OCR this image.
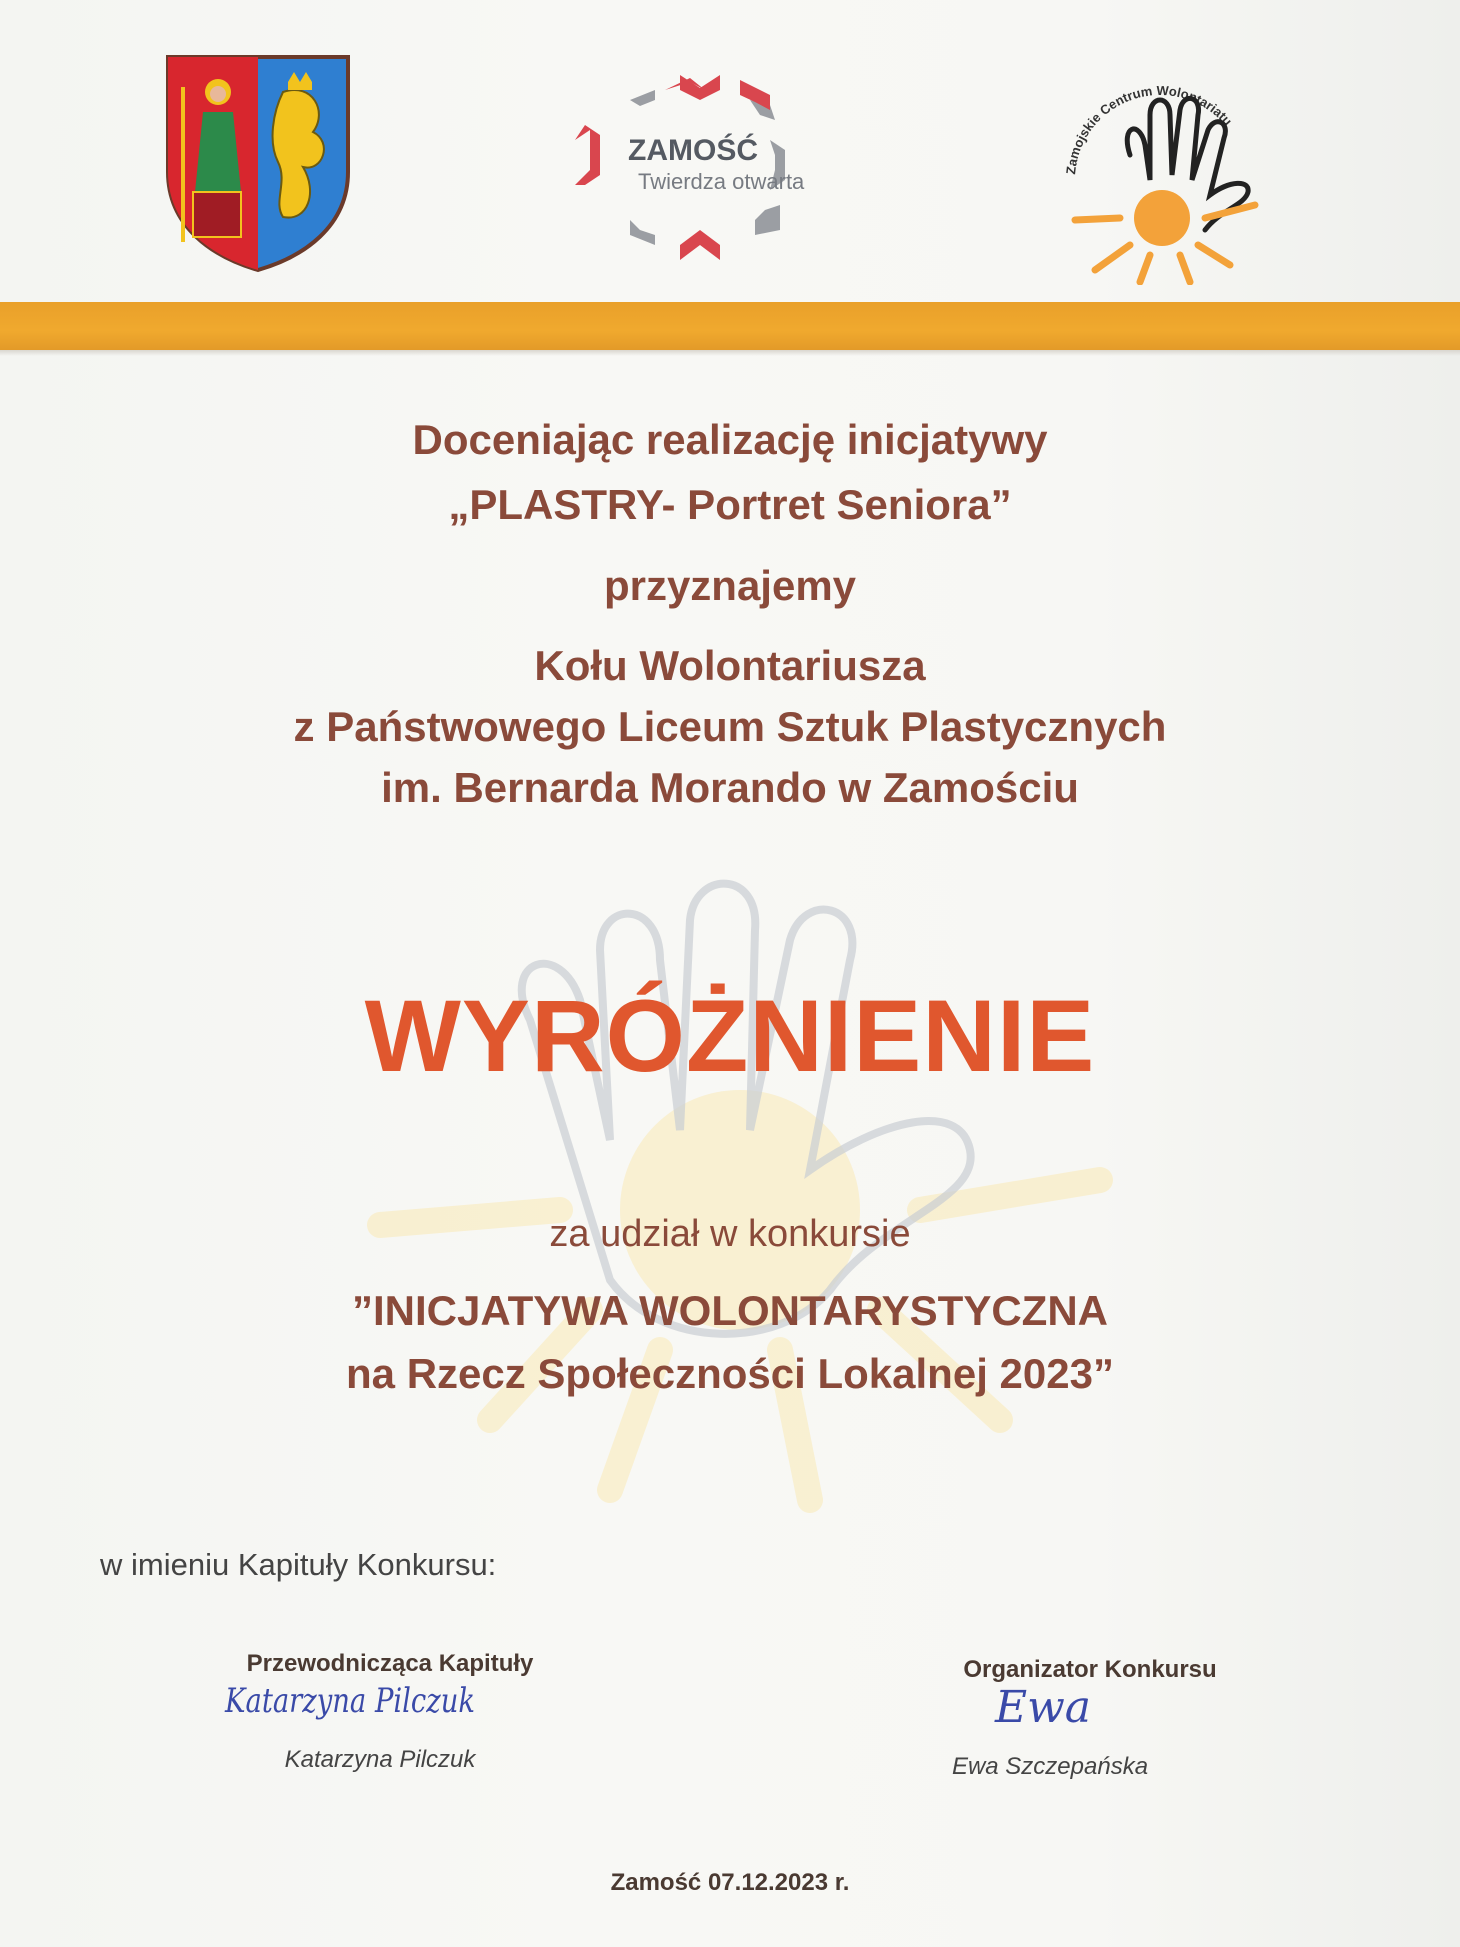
ZAMOŚĆ
Twierdza otwarta	Zamojskie Centrum Wolontariatu
Doceniając realizację inicjatywy
„PLASTRY- Portret Seniora”
przyznajemy
Kołu Wolontariusza
z Państwowego Liceum Sztuk Plastycznych
im. Bernarda Morando w Zamościu
WYRÓŻNIENIE
za udział w konkursie
”INICJATYWA WOLONTARYSTYCZNA
na Rzecz Społeczności Lokalnej 2023”
w imieniu Kapituły Konkursu:
Przewodnicząca Kapituły
Katarzyna Pilczuk
Katarzyna Pilczuk
Organizator Konkursu
Ewa
Ewa Szczepańska
Zamość 07.12.2023 r.
